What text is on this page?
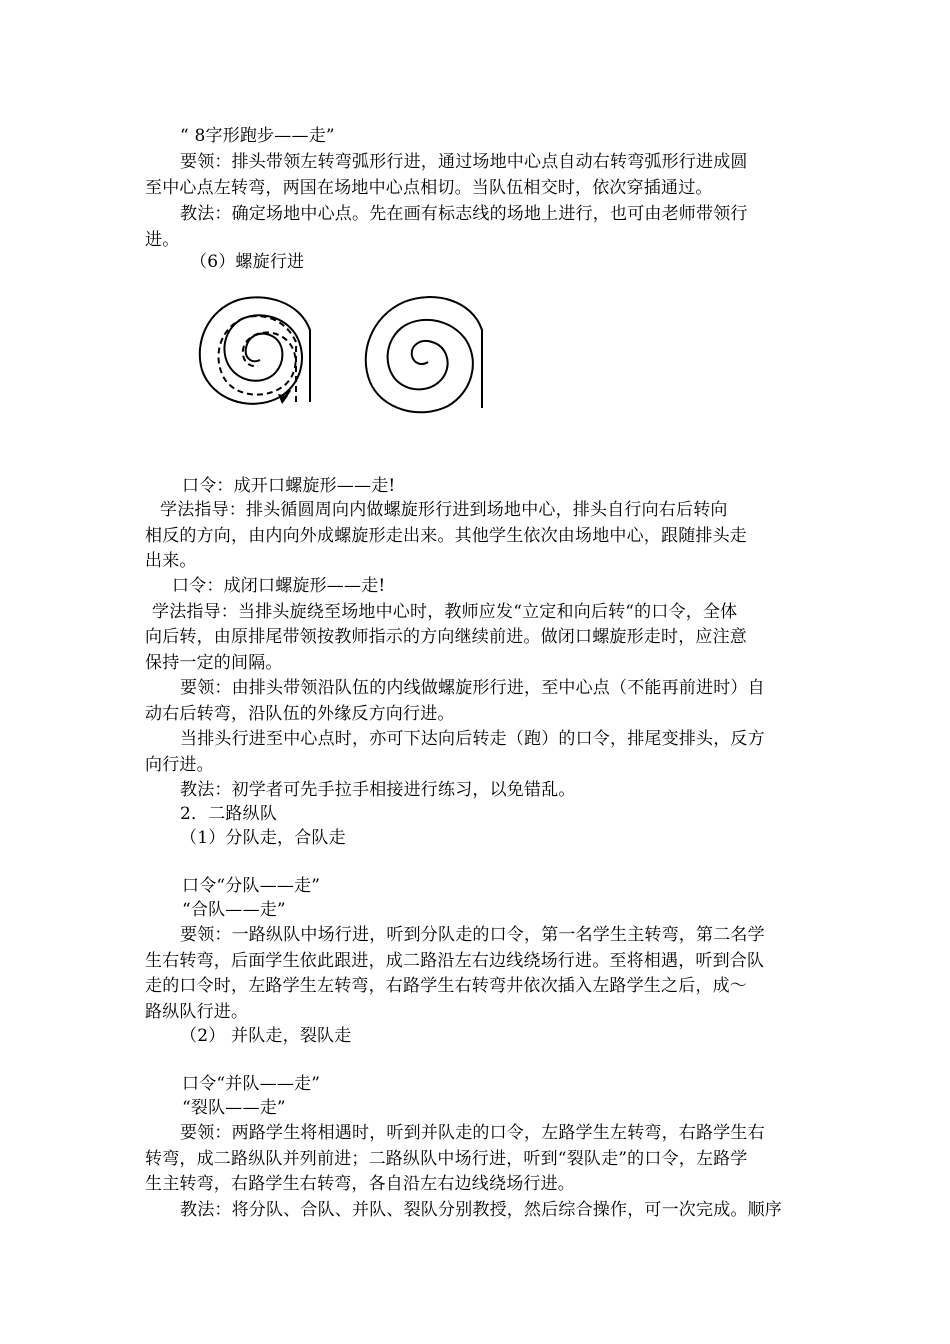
“ 8字形跑步——走”
要领：排头带领左转弯弧形行进，通过场地中心点自动右转弯弧形行进成圆
至中心点左转弯，两国在场地中心点相切。当队伍相交时，依次穿插通过。
教法：确定场地中心点。先在画有标志线的场地上进行，也可由老师带领行
进。
（6）螺旋行进
口令：成开口螺旋形——走!
学法指导：排头循圆周向内做螺旋形行进到场地中心，排头自行向右后转向
相反的方向，由内向外成螺旋形走出来。其他学生依次由场地中心，跟随排头走
出来。
口令：成闭口螺旋形——走!
学法指导：当排头旋绕至场地中心时，教师应发“立定和向后转“的口令，全体
向后转，由原排尾带领按教师指示的方向继续前进。做闭口螺旋形走时，应注意
保持一定的间隔。
要领：由排头带领沿队伍的内线做螺旋形行进，至中心点（不能再前进时）自
动右后转弯，沿队伍的外缘反方向行进。
当排头行进至中心点时，亦可下达向后转走（跑）的口令，排尾变排头，反方
向行进。
教法：初学者可先手拉手相接进行练习，以免错乱。
2．二路纵队
（1）分队走，合队走
口令“分队——走”
“合队——走”
要领：一路纵队中场行进，听到分队走的口令，第一名学生主转弯，第二名学
生右转弯，后面学生依此跟进，成二路沿左右边线绕场行进。至将相遇，听到合队
走的口令时，左路学生左转弯，右路学生右转弯井依次插入左路学生之后，成～
路纵队行进。
（2） 并队走，裂队走
口令“并队——走”
“裂队——走”
要领：两路学生将相遇时，听到并队走的口令，左路学生左转弯，右路学生右
转弯，成二路纵队并列前进；二路纵队中场行进，听到“裂队走”的口令，左路学
生主转弯，右路学生右转弯，各自沿左右边线绕场行进。
教法：将分队、合队、并队、裂队分别教授，然后综合操作，可一次完成。顺序
